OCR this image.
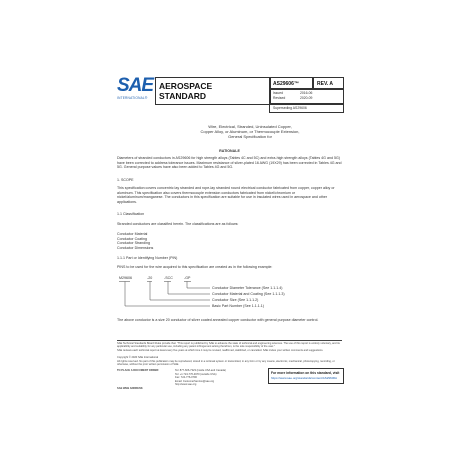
SAE
INTERNATIONAL®
AEROSPACE
STANDARD
AS29606™	REV. A
Issued	2016-06
Revised	2020-09
Superseding AS29606
Wire, Electrical, Stranded, Uninsulated Copper,
Copper Alloy, or Aluminum, or Thermocouple Extension,
General Specification for
RATIONALE
Diameters of stranded conductors in AS29606 for high strength alloys (Tables 4C and 5C) and extra-high strength alloys (Tables 4G and 5G) have been corrected to address tolerance issues. Maximum resistance of silver-plated 16 AWG (19X29) has been corrected in Tables 4G and 5G. General purpose values have also been added to Tables 4G and 5G.
1. SCOPE
This specification covers concentric lay stranded and rope-lay stranded round electrical conductor fabricated from copper, copper alloy or aluminum. This specification also covers thermocouple extension conductors fabricated from nickel/chromium or nickel/aluminum/manganese. The conductors in this specification are suitable for use in insulated wires used in aerospace and other applications.
1.1 Classification
Stranded conductors are classified herein. The classifications are as follows:
Conductor Material
Conductor Coating
Conductor Stranding
Conductor Dimensions
1.1.1 Part or Identifying Number (PIN)
PINS to be used for the wire acquired to this specification are created as in the following example:
M29606	-20	-SCC	-GP
Conductor Diameter Tolerance (See 1.1.1.4)
Conductor Material and Coating (See 1.1.1.3)
Conductor Size (See 1.1.1.2)
Basic Part Number (See 1.1.1.1)
The above conductor is a size 20 conductor of silver coated annealed copper conductor with general purpose diameter control.
SAE Technical Standards Board Rules provide that: "This report is published by SAE to advance the state of technical and engineering sciences. The use of this report is entirely voluntary, and its applicability and suitability for any particular use, including any patent infringement arising therefrom, is the sole responsibility of the user."
SAE reviews each technical report at least every five years at which time it may be revised, reaffirmed, stabilized, or cancelled. SAE invites your written comments and suggestions.
Copyright © 2020 SAE International
All rights reserved. No part of this publication may be reproduced, stored in a retrieval system or transmitted, in any form or by any means, electronic, mechanical, photocopying, recording, or otherwise, without the prior written permission of SAE.
TO PLACE A DOCUMENT ORDER:	Tel: 877-606-7323 (inside USA and Canada)
Tel: +1 724-776-4970 (outside USA)
Fax: 724-776-0790
Email: CustomerService@sae.org
http://www.sae.org
For more information on this standard, visit
https://www.sae.org/standards/content/AS29606A
SAE WEB ADDRESS:
